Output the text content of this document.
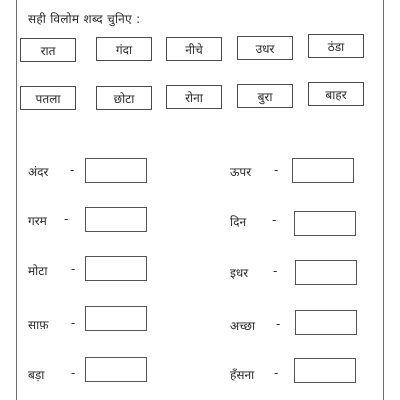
सही विलोम शब्द चुनिए :
रात	गंदा	नीचे	उधर	ठंडा
पतला	छोटा	रोना	बुरा	बाहर
अंदर -
गरम -
मोटा -
साफ़ -
बड़ा -
ऊपर -
दिन -
इधर -
अच्छा -
हँसना -
